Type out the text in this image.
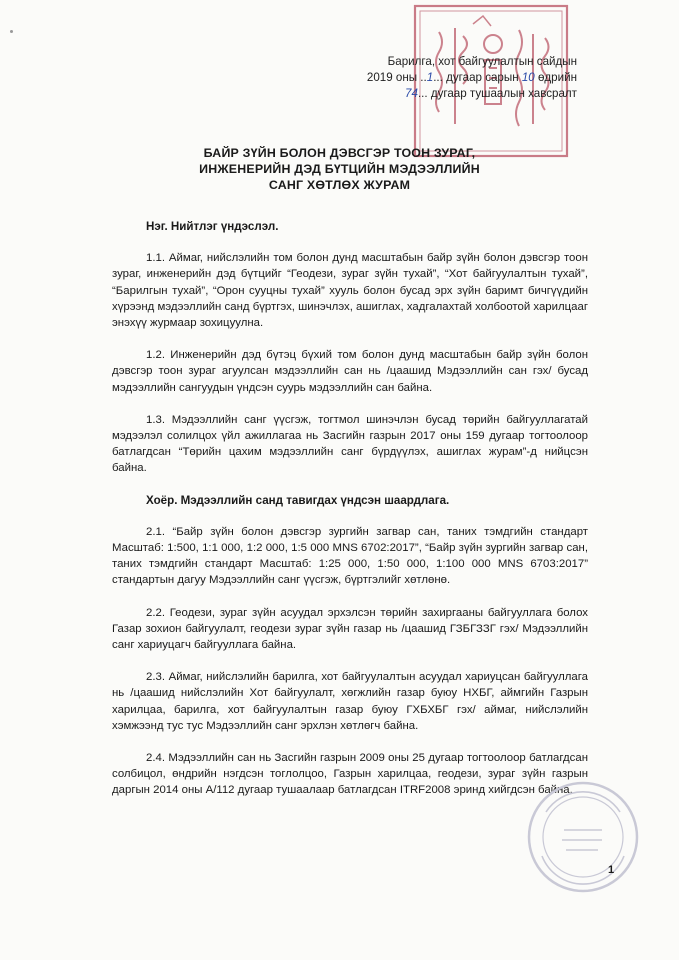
Барилга, хот байгуулалтын сайдын
2019 оны ..1... дугаар сарын 10 өдрийн
74... дугаар тушаалын хавсралт
БАЙР ЗҮЙН БОЛОН ДЭВСГЭР ТООН ЗУРАГ,
ИНЖЕНЕРИЙН ДЭД БҮТЦИЙН МЭДЭЭЛЛИЙН
САНГ ХӨТЛӨХ ЖУРАМ
Нэг. Нийтлэг үндэслэл.

1.1. Аймаг, нийслэлийн том болон дунд масштабын байр зүйн болон дэвсгэр тоон зураг, инженерийн дэд бүтцийг “Геодези, зураг зүйн тухай”, “Хот байгуулалтын тухай”, “Барилгын тухай”, “Орон сууцны тухай” хууль болон бусад эрх зүйн баримт бичгүүдийн хүрээнд мэдээллийн санд бүртгэх, шинэчлэх, ашиглах, хадгалахтай холбоотой харилцааг энэхүү журмаар зохицуулна.

1.2. Инженерийн дэд бүтэц бүхий том болон дунд масштабын байр зүйн болон дэвсгэр тоон зураг агуулсан мэдээллийн сан нь /цаашид Мэдээллийн сан гэх/ бусад мэдээллийн сангуудын үндсэн суурь мэдээллийн сан байна.

1.3. Мэдээллийн санг үүсгэж, тогтмол шинэчлэн бусад төрийн байгууллагатай мэдээлэл солилцох үйл ажиллагаа нь Засгийн газрын 2017 оны 159 дугаар тогтоолоор батлагдсан “Төрийн цахим мэдээллийн санг бүрдүүлэх, ашиглах журам”-д нийцсэн байна.

Хоёр. Мэдээллийн санд тавигдах үндсэн шаардлага.

2.1. “Байр зүйн болон дэвсгэр зургийн загвар сан, таних тэмдгийн стандарт Масштаб: 1:500, 1:1 000, 1:2 000, 1:5 000 MNS 6702:2017”, “Байр зүйн зургийн загвар сан, таних тэмдгийн стандарт Масштаб: 1:25 000, 1:50 000, 1:100 000 MNS 6703:2017” стандартын дагуу Мэдээллийн санг үүсгэж, бүртгэлийг хөтлөнө.

2.2. Геодези, зураг зүйн асуудал эрхэлсэн төрийн захиргааны байгууллага болох Газар зохион байгуулалт, геодези зураг зүйн газар нь /цаашид ГЗБГЗЗГ гэх/ Мэдээллийн санг хариуцагч байгууллага байна.

2.3. Аймаг, нийслэлийн барилга, хот байгуулалтын асуудал хариуцсан байгууллага нь /цаашид нийслэлийн Хот байгуулалт, хөгжлийн газар буюу НХБГ, аймгийн Газрын харилцаа, барилга, хот байгуулалтын газар буюу ГХБХБГ гэх/ аймаг, нийслэлийн хэмжээнд тус тус Мэдээллийн санг эрхлэн хөтлөгч байна.

2.4. Мэдээллийн сан нь Засгийн газрын 2009 оны 25 дугаар тогтоолоор батлагдсан солбицол, өндрийн нэгдсэн тоглолцоо, Газрын харилцаа, геодези, зураг зүйн газрын даргын 2014 оны А/112 дугаар тушаалаар батлагдсан ITRF2008 эринд хийгдсэн байна.

1
